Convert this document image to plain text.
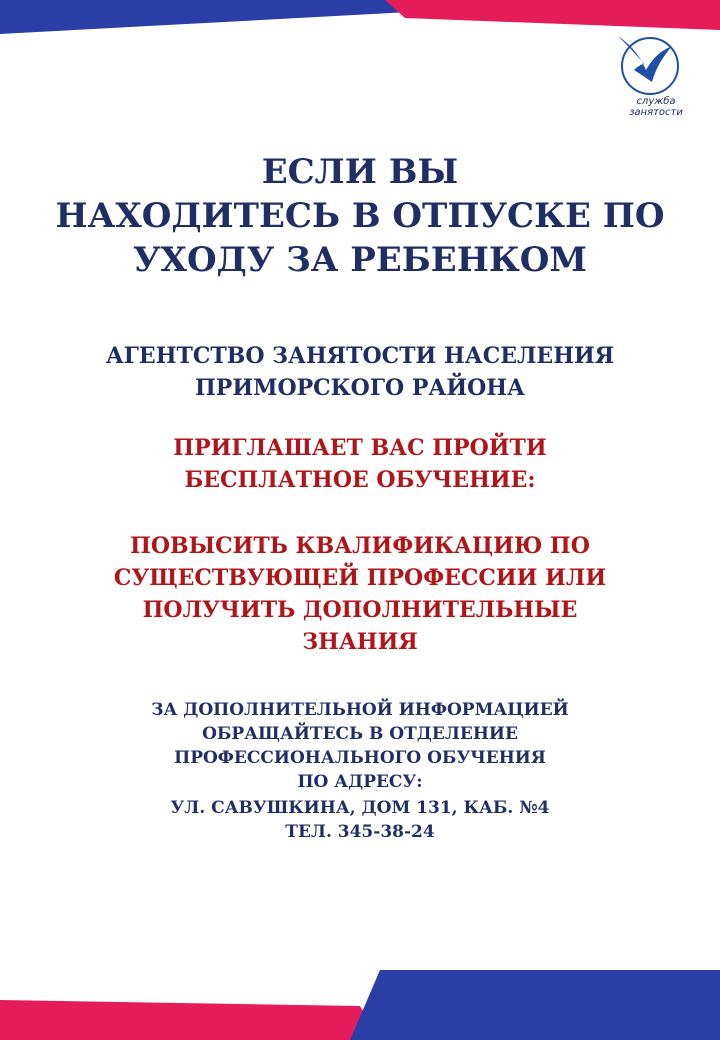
служба
занятости
ЕСЛИ ВЫ
НАХОДИТЕСЬ В ОТПУСКЕ ПО
УХОДУ ЗА РЕБЕНКОМ
АГЕНТСТВО ЗАНЯТОСТИ НАСЕЛЕНИЯ
ПРИМОРСКОГО РАЙОНА
ПРИГЛАШАЕТ ВАС ПРОЙТИ
БЕСПЛАТНОЕ ОБУЧЕНИЕ:
ПОВЫСИТЬ КВАЛИФИКАЦИЮ ПО
СУЩЕСТВУЮЩЕЙ ПРОФЕССИИ ИЛИ
ПОЛУЧИТЬ ДОПОЛНИТЕЛЬНЫЕ
ЗНАНИЯ
ЗА ДОПОЛНИТЕЛЬНОЙ ИНФОРМАЦИЕЙ
ОБРАЩАЙТЕСЬ В ОТДЕЛЕНИЕ
ПРОФЕССИОНАЛЬНОГО ОБУЧЕНИЯ
ПО АДРЕСУ:
УЛ. САВУШКИНА, ДОМ 131, КАБ. №4
ТЕЛ. 345-38-24
